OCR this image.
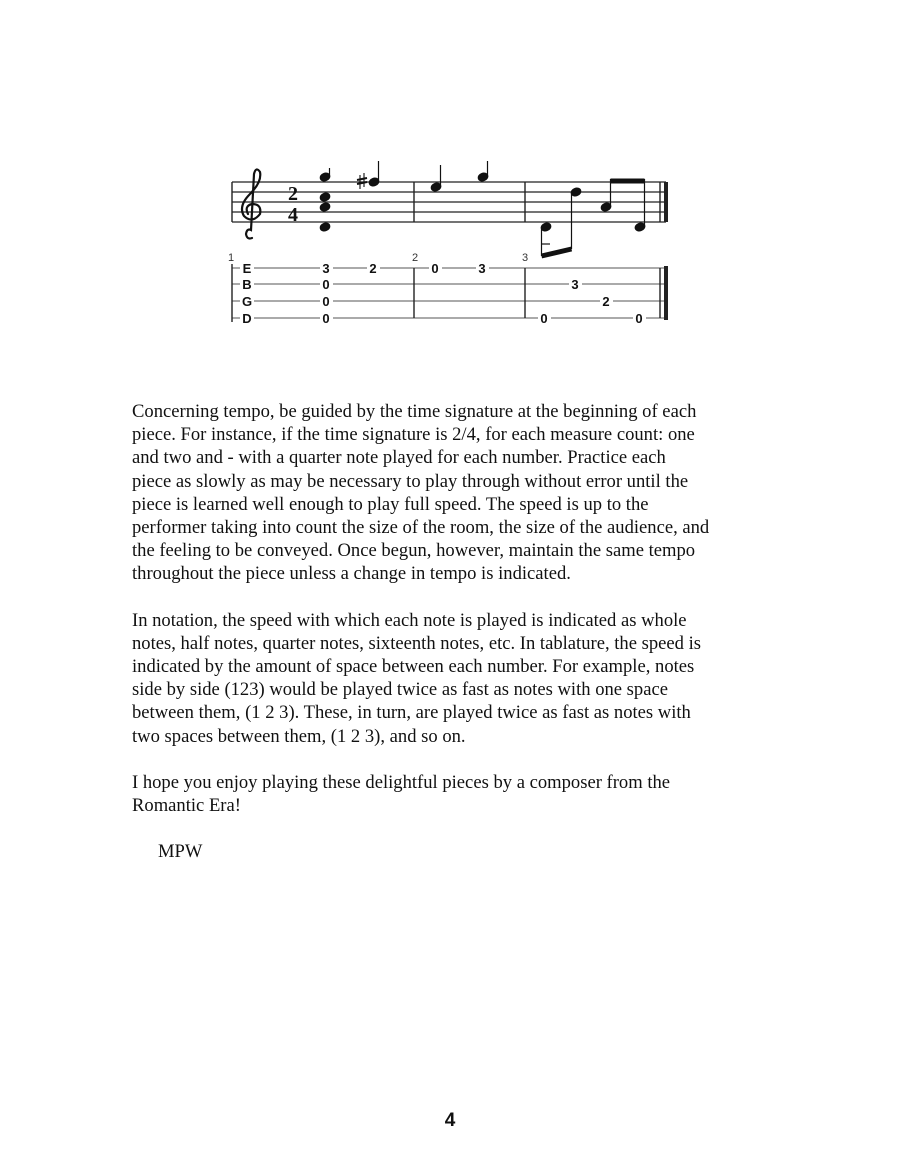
2
4
1	2	3
E
B
G
D
3
0
0
0
2	0	3
0
3
2
0

Concerning tempo, be guided by the time signature at the beginning of each
piece. For instance, if the time signature is 2/4, for each measure count: one
and two and - with a quarter note played for each number. Practice each
piece as slowly as may be necessary to play through without error until the
piece is learned well enough to play full speed. The speed is up to the
performer taking into count the size of the room, the size of the audience, and
the feeling to be conveyed. Once begun, however, maintain the same tempo
throughout the piece unless a change in tempo is indicated.

In notation, the speed with which each note is played is indicated as whole
notes, half notes, quarter notes, sixteenth notes, etc. In tablature, the speed is
indicated by the amount of space between each number. For example, notes
side by side (123) would be played twice as fast as notes with one space
between them, (1 2 3). These, in turn, are played twice as fast as notes with
two spaces between them, (1 2 3), and so on.

I hope you enjoy playing these delightful pieces by a composer from the
Romantic Era!

MPW

4
